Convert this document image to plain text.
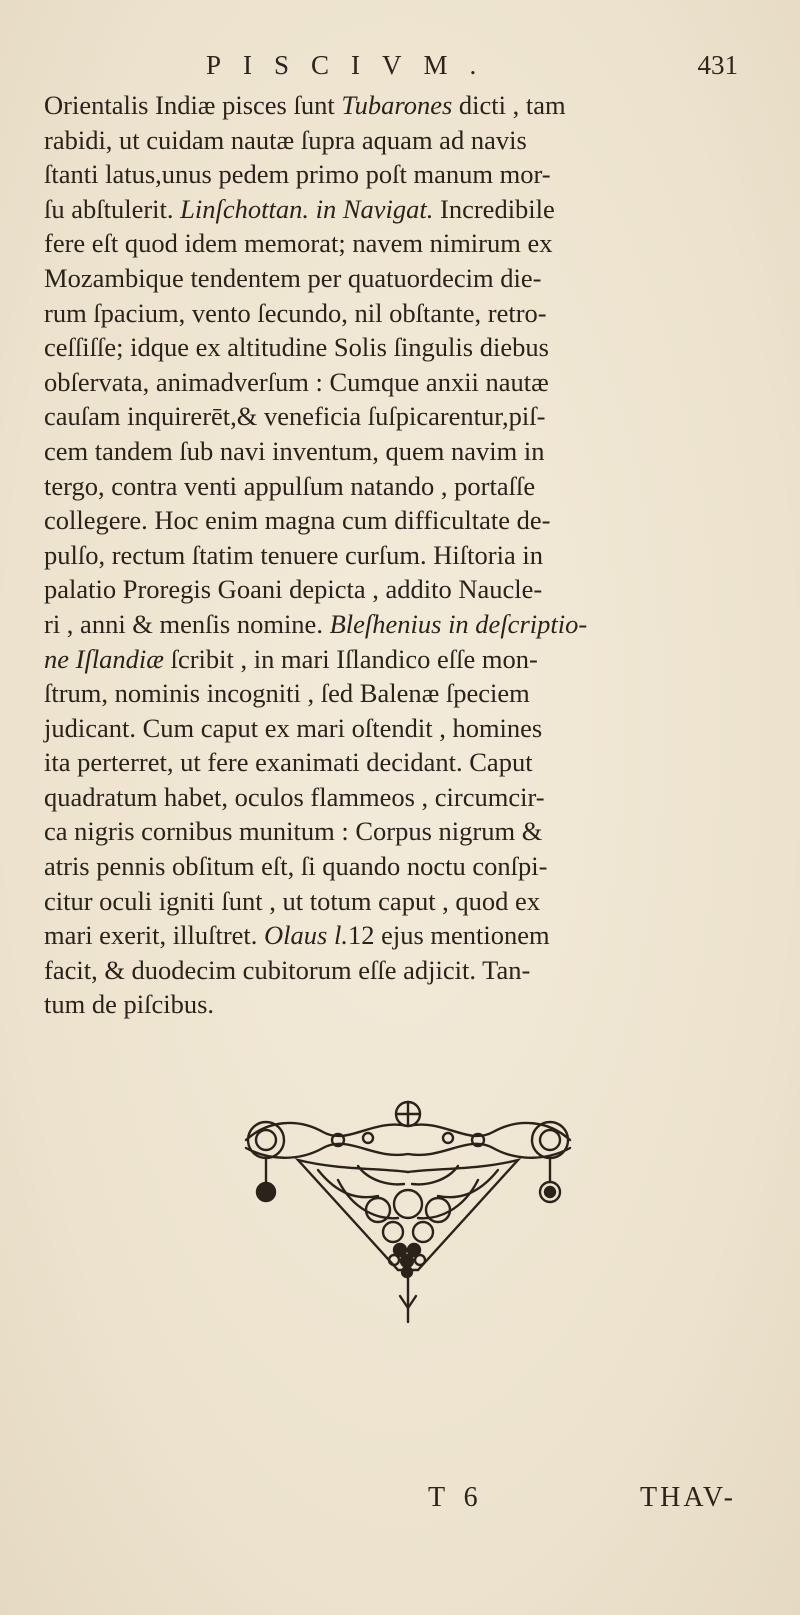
PISCIVM.	431

Orientalis Indiæ pisces ſunt Tubarones dicti , tam
rabidi, ut cuidam nautæ ſupra aquam ad navis
ſtanti latus,unus pedem primo poſt manum mor-
ſu abſtulerit. Linſchottan. in Navigat. Incredibile
fere eſt quod idem memorat; navem nimirum ex
Mozambique tendentem per quatuordecim die-
rum ſpacium, vento ſecundo, nil obſtante, retro-
ceſſiſſe; idque ex altitudine Solis ſingulis diebus
obſervata, animadverſum : Cumque anxii nautæ
cauſam inquirerēt,& veneficia ſuſpicarentur,piſ-
cem tandem ſub navi inventum, quem navim in
tergo, contra venti appulſum natando , portaſſe
collegere. Hoc enim magna cum difficultate de-
pulſo, rectum ſtatim tenuere curſum. Hiſtoria in
palatio Proregis Goani depicta , addito Naucle-
ri , anni & menſis nomine. Bleſhenius in deſcriptio-
ne Iſlandiæ ſcribit , in mari Iſlandico eſſe mon-
ſtrum, nominis incogniti , ſed Balenæ ſpeciem
judicant. Cum caput ex mari oſtendit , homines
ita perterret, ut fere exanimati decidant. Caput
quadratum habet, oculos flammeos , circumcir-
ca nigris cornibus munitum : Corpus nigrum &
atris pennis obſitum eſt, ſi quando noctu conſpi-
citur oculi igniti ſunt , ut totum caput , quod ex
mari exerit, illuſtret. Olaus l.12 ejus mentionem
facit, & duodecim cubitorum eſſe adjicit. Tan-
tum de piſcibus.

T 6	THAV-
